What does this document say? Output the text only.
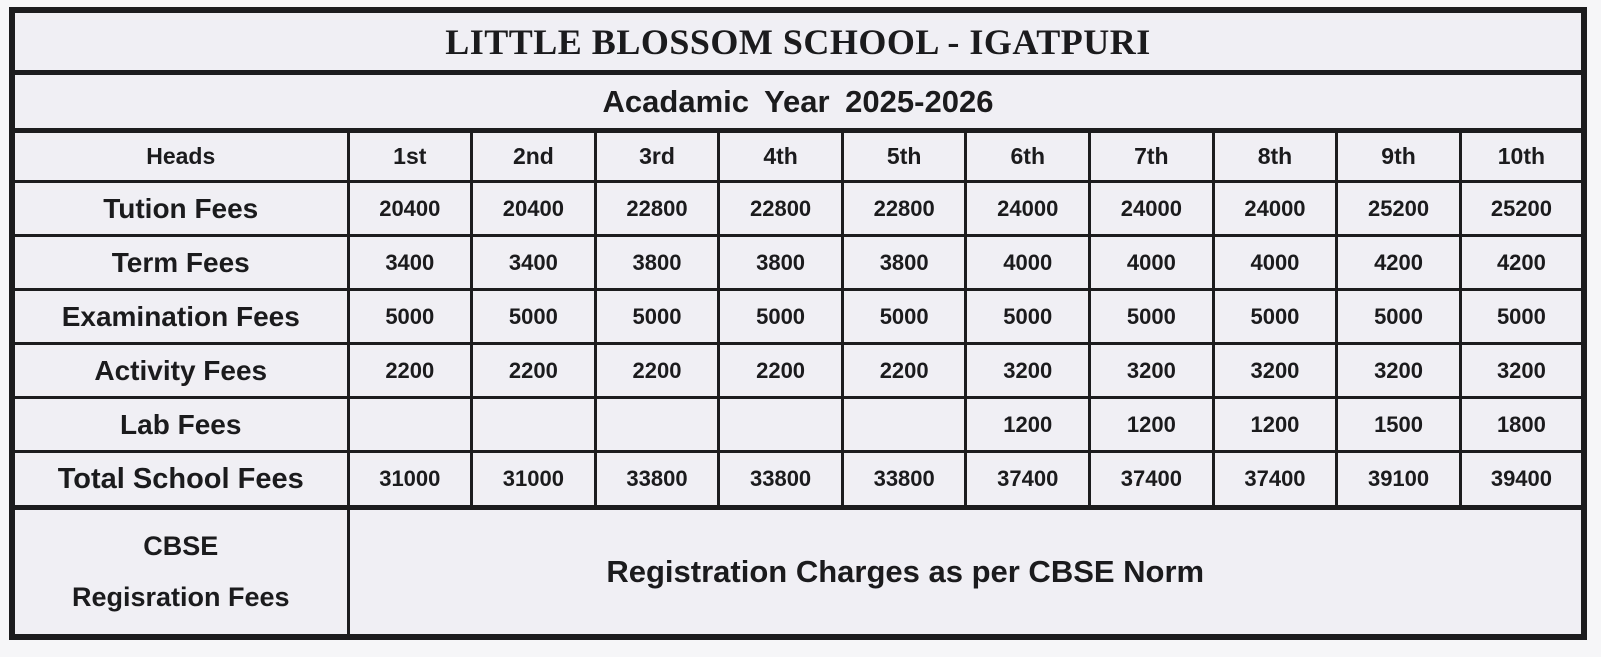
LITTLE BLOSSOM SCHOOL - IGATPURI										
Acadamic Year 2025-2026										
Heads	1st	2nd	3rd	4th	5th	6th	7th	8th	9th	10th
Tution Fees	20400	20400	22800	22800	22800	24000	24000	24000	25200	25200
Term Fees	3400	3400	3800	3800	3800	4000	4000	4000	4200	4200
Examination Fees	5000	5000	5000	5000	5000	5000	5000	5000	5000	5000
Activity Fees	2200	2200	2200	2200	2200	3200	3200	3200	3200	3200
Lab Fees						1200	1200	1200	1500	1800
Total School Fees	31000	31000	33800	33800	33800	37400	37400	37400	39100	39400

CBSE
Regisration Fees	Registration Charges as per CBSE Norm									
